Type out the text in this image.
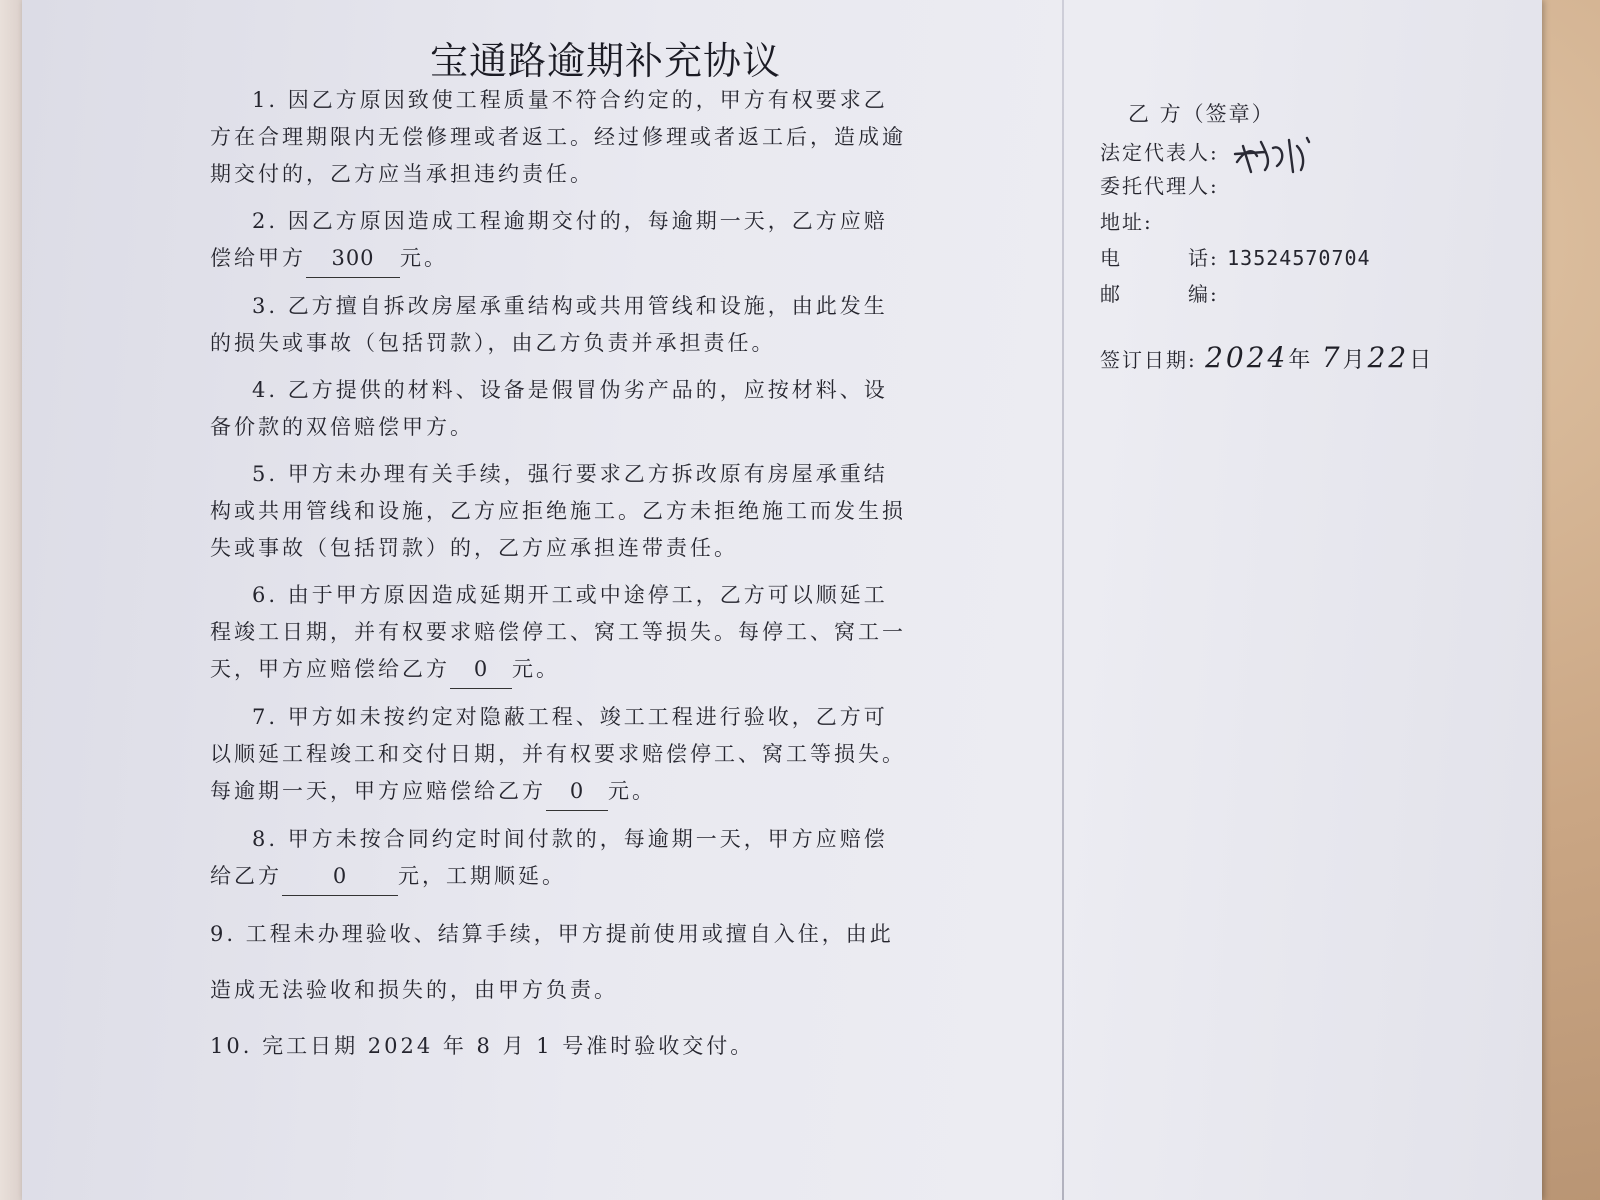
宝通路逾期补充协议

1. 因乙方原因致使工程质量不符合约定的，甲方有权要求乙方在合理期限内无偿修理或者返工。经过修理或者返工后，造成逾期交付的，乙方应当承担违约责任。

2. 因乙方原因造成工程逾期交付的，每逾期一天，乙方应赔偿给甲方 300 元。

3. 乙方擅自拆改房屋承重结构或共用管线和设施，由此发生的损失或事故（包括罚款），由乙方负责并承担责任。

4. 乙方提供的材料、设备是假冒伪劣产品的，应按材料、设备价款的双倍赔偿甲方。

5. 甲方未办理有关手续，强行要求乙方拆改原有房屋承重结构或共用管线和设施，乙方应拒绝施工。乙方未拒绝施工而发生损失或事故（包括罚款）的，乙方应承担连带责任。

6. 由于甲方原因造成延期开工或中途停工，乙方可以顺延工程竣工日期，并有权要求赔偿停工、窝工等损失。每停工、窝工一天，甲方应赔偿给乙方 0 元。

7. 甲方如未按约定对隐蔽工程、竣工工程进行验收，乙方可以顺延工程竣工和交付日期，并有权要求赔偿停工、窝工等损失。每逾期一天，甲方应赔偿给乙方 0 元。

8. 甲方未按合同约定时间付款的，每逾期一天，甲方应赔偿给乙方 0 元，工期顺延。

9. 工程未办理验收、结算手续，甲方提前使用或擅自入住，由此造成无法验收和损失的，由甲方负责。

10. 完工日期 2024 年 8 月 1 号准时验收交付。

乙 方（签章）
法定代表人:
委托代理人:
地址:
电　　　话: 13524570704
邮　　　编:
签订日期: 2024年 7月22日
